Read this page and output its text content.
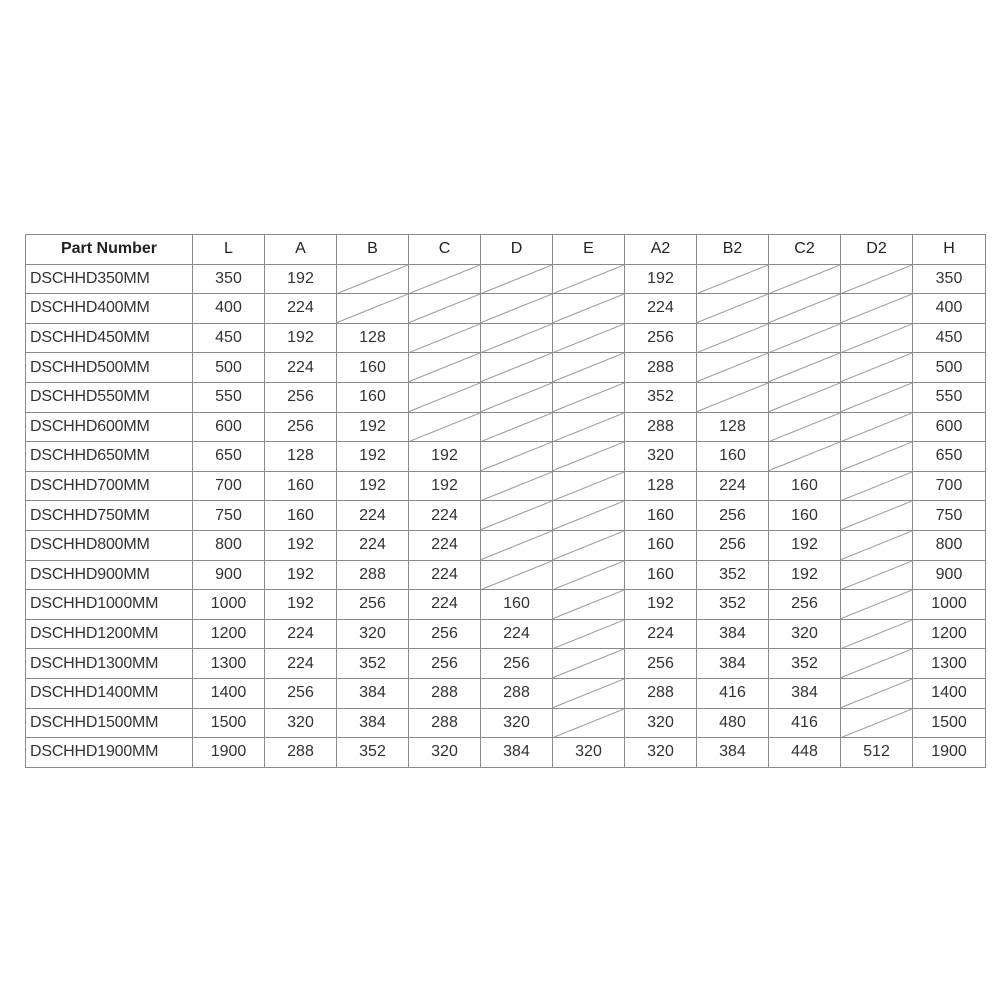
Part Number	L	A	B	C	D	E	A2	B2	C2	D2	H
DSCHHD350MM	350	192					192				350
DSCHHD400MM	400	224					224				400
DSCHHD450MM	450	192	128				256				450
DSCHHD500MM	500	224	160				288				500
DSCHHD550MM	550	256	160				352				550
DSCHHD600MM	600	256	192				288	128			600
DSCHHD650MM	650	128	192	192			320	160			650
DSCHHD700MM	700	160	192	192			128	224	160		700
DSCHHD750MM	750	160	224	224			160	256	160		750
DSCHHD800MM	800	192	224	224			160	256	192		800
DSCHHD900MM	900	192	288	224			160	352	192		900
DSCHHD1000MM	1000	192	256	224	160		192	352	256		1000
DSCHHD1200MM	1200	224	320	256	224		224	384	320		1200
DSCHHD1300MM	1300	224	352	256	256		256	384	352		1300
DSCHHD1400MM	1400	256	384	288	288		288	416	384		1400
DSCHHD1500MM	1500	320	384	288	320		320	480	416		1500
DSCHHD1900MM	1900	288	352	320	384	320	320	384	448	512	1900
